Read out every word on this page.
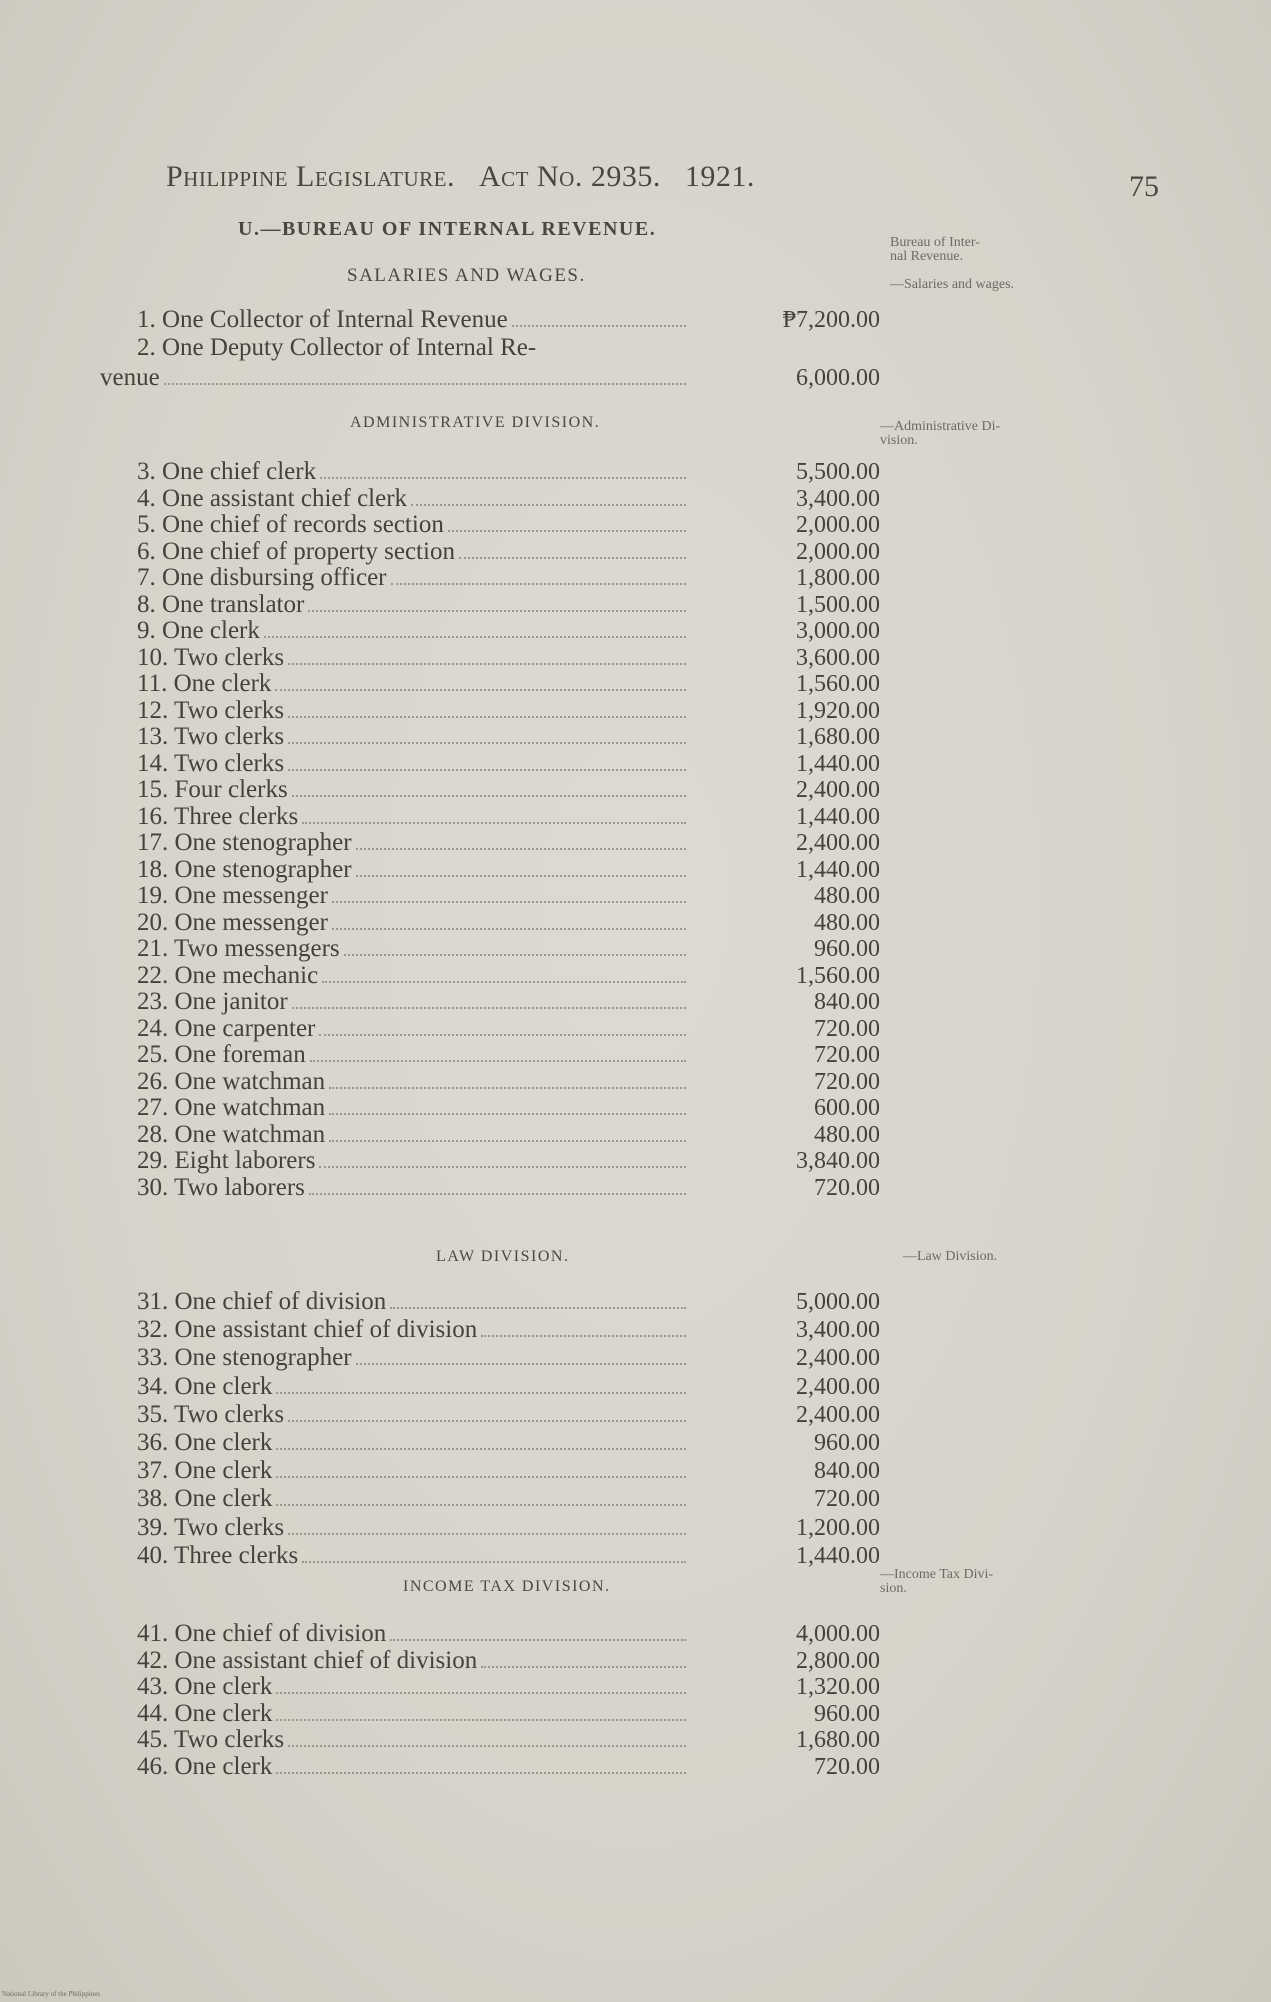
Philippine Legislature. Act No. 2935. 1921.	75
U.—BUREAU OF INTERNAL REVENUE.
Bureau of Inter-
nal Revenue.
—Salaries and wages.
—Administrative Di-
vision.
—Law Division.
—Income Tax Divi-
sion.
SALARIES AND WAGES.
1. One Collector of Internal Revenue	₱7,200.00
2. One Deputy Collector of Internal Re-
venue	6,000.00
ADMINISTRATIVE DIVISION.
3. One chief clerk	5,500.00
4. One assistant chief clerk	3,400.00
5. One chief of records section	2,000.00
6. One chief of property section	2,000.00
7. One disbursing officer	1,800.00
8. One translator	1,500.00
9. One clerk	3,000.00
10. Two clerks	3,600.00
11. One clerk	1,560.00
12. Two clerks	1,920.00
13. Two clerks	1,680.00
14. Two clerks	1,440.00
15. Four clerks	2,400.00
16. Three clerks	1,440.00
17. One stenographer	2,400.00
18. One stenographer	1,440.00
19. One messenger	480.00
20. One messenger	480.00
21. Two messengers	960.00
22. One mechanic	1,560.00
23. One janitor	840.00
24. One carpenter	720.00
25. One foreman	720.00
26. One watchman	720.00
27. One watchman	600.00
28. One watchman	480.00
29. Eight laborers	3,840.00
30. Two laborers	720.00
LAW DIVISION.
31. One chief of division	5,000.00
32. One assistant chief of division	3,400.00
33. One stenographer	2,400.00
34. One clerk	2,400.00
35. Two clerks	2,400.00
36. One clerk	960.00
37. One clerk	840.00
38. One clerk	720.00
39. Two clerks	1,200.00
40. Three clerks	1,440.00
INCOME TAX DIVISION.
41. One chief of division	4,000.00
42. One assistant chief of division	2,800.00
43. One clerk	1,320.00
44. One clerk	960.00
45. Two clerks	1,680.00
46. One clerk	720.00
National Library of the Philippines
